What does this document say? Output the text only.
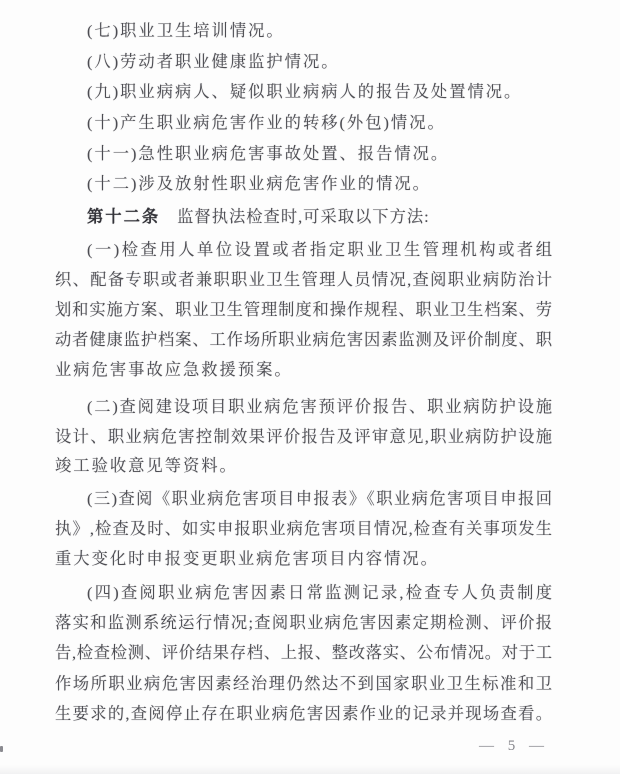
(七)职业卫生培训情况。
(八)劳动者职业健康监护情况。
(九)职业病病人、疑似职业病病人的报告及处置情况。
(十)产生职业病危害作业的转移(外包)情况。
(十一)急性职业病危害事故处置、报告情况。
(十二)涉及放射性职业病危害作业的情况。
第十二条 监督执法检查时,可采取以下方法:
(一)检查用人单位设置或者指定职业卫生管理机构或者组
织、配备专职或者兼职职业卫生管理人员情况,查阅职业病防治计
划和实施方案、职业卫生管理制度和操作规程、职业卫生档案、劳
动者健康监护档案、工作场所职业病危害因素监测及评价制度、职
业病危害事故应急救援预案。
(二)查阅建设项目职业病危害预评价报告、职业病防护设施
设计、职业病危害控制效果评价报告及评审意见,职业病防护设施
竣工验收意见等资料。
(三)查阅《职业病危害项目申报表》《职业病危害项目申报回
执》,检查及时、如实申报职业病危害项目情况,检查有关事项发生
重大变化时申报变更职业病危害项目内容情况。
(四)查阅职业病危害因素日常监测记录,检查专人负责制度
落实和监测系统运行情况;查阅职业病危害因素定期检测、评价报
告,检查检测、评价结果存档、上报、整改落实、公布情况。对于工
作场所职业病危害因素经治理仍然达不到国家职业卫生标准和卫
生要求的,查阅停止存在职业病危害因素作业的记录并现场查看。
— 5 —
